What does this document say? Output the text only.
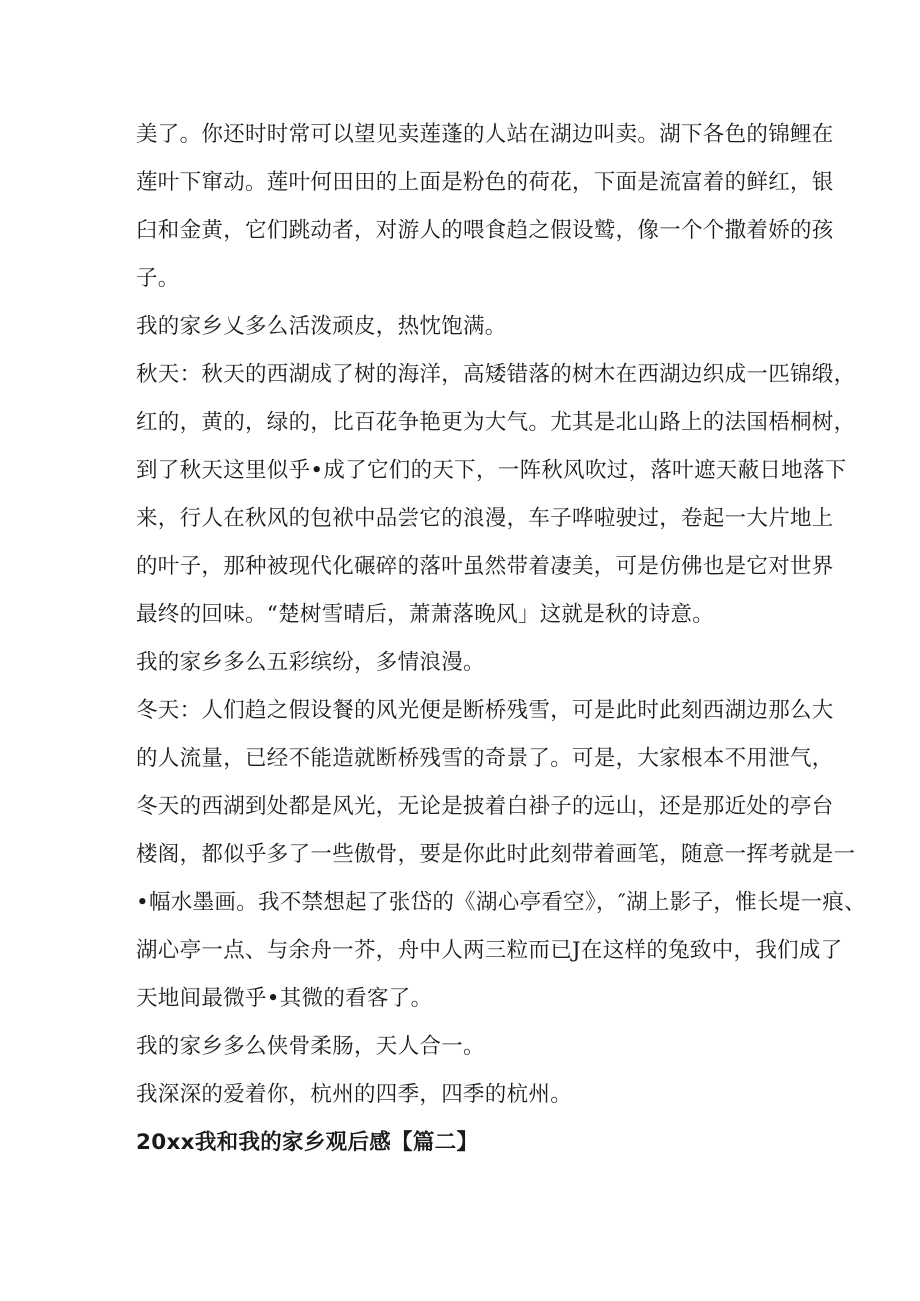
美了。你还时时常可以望见卖莲蓬的人站在湖边叫卖。湖下各色的锦鲤在
莲叶下窜动。莲叶何田田的上面是粉色的荷花，下面是流富着的鲜红，银
臼和金黄，它们跳动者，对游人的喂食趋之假设鹫，像一个个撒着娇的孩
子。
我的家乡乂多么活泼顽皮，热忱饱满。
秋天：秋天的西湖成了树的海洋，高矮错落的树木在西湖边织成一匹锦缎，
红的，黄的，绿的，比百花争艳更为大气。尤其是北山路上的法国梧桐树，
到了秋天这里似乎•成了它们的天下，一阵秋风吹过，落叶遮天蔽日地落下
来，行人在秋风的包袱中品尝它的浪漫，车子哗啦驶过，卷起一大片地上
的叶子，那种被现代化碾碎的落叶虽然带着凄美，可是仿佛也是它对世界
最终的回味。“楚树雪晴后，萧萧落晚风」这就是秋的诗意。
我的家乡多么五彩缤纷，多情浪漫。
冬天：人们趋之假设餐的风光便是断桥残雪，可是此时此刻西湖边那么大
的人流量，已经不能造就断桥残雪的奇景了。可是，大家根本不用泄气，
冬天的西湖到处都是风光，无论是披着白褂子的远山，还是那近处的亭台
楼阁，都似乎多了一些傲骨，要是你此时此刻带着画笔，随意一挥考就是一
•幅水墨画。我不禁想起了张岱的《湖心亭看空》，″湖上影子，惟长堤一痕、
湖心亭一点、与余舟一芥，舟中人两三粒而已J在这样的兔致中，我们成了
天地间最微乎•其微的看客了。
我的家乡多么侠骨柔肠，天人合一。
我深深的爱着你，杭州的四季，四季的杭州。
20xx我和我的家乡观后感【篇二】
